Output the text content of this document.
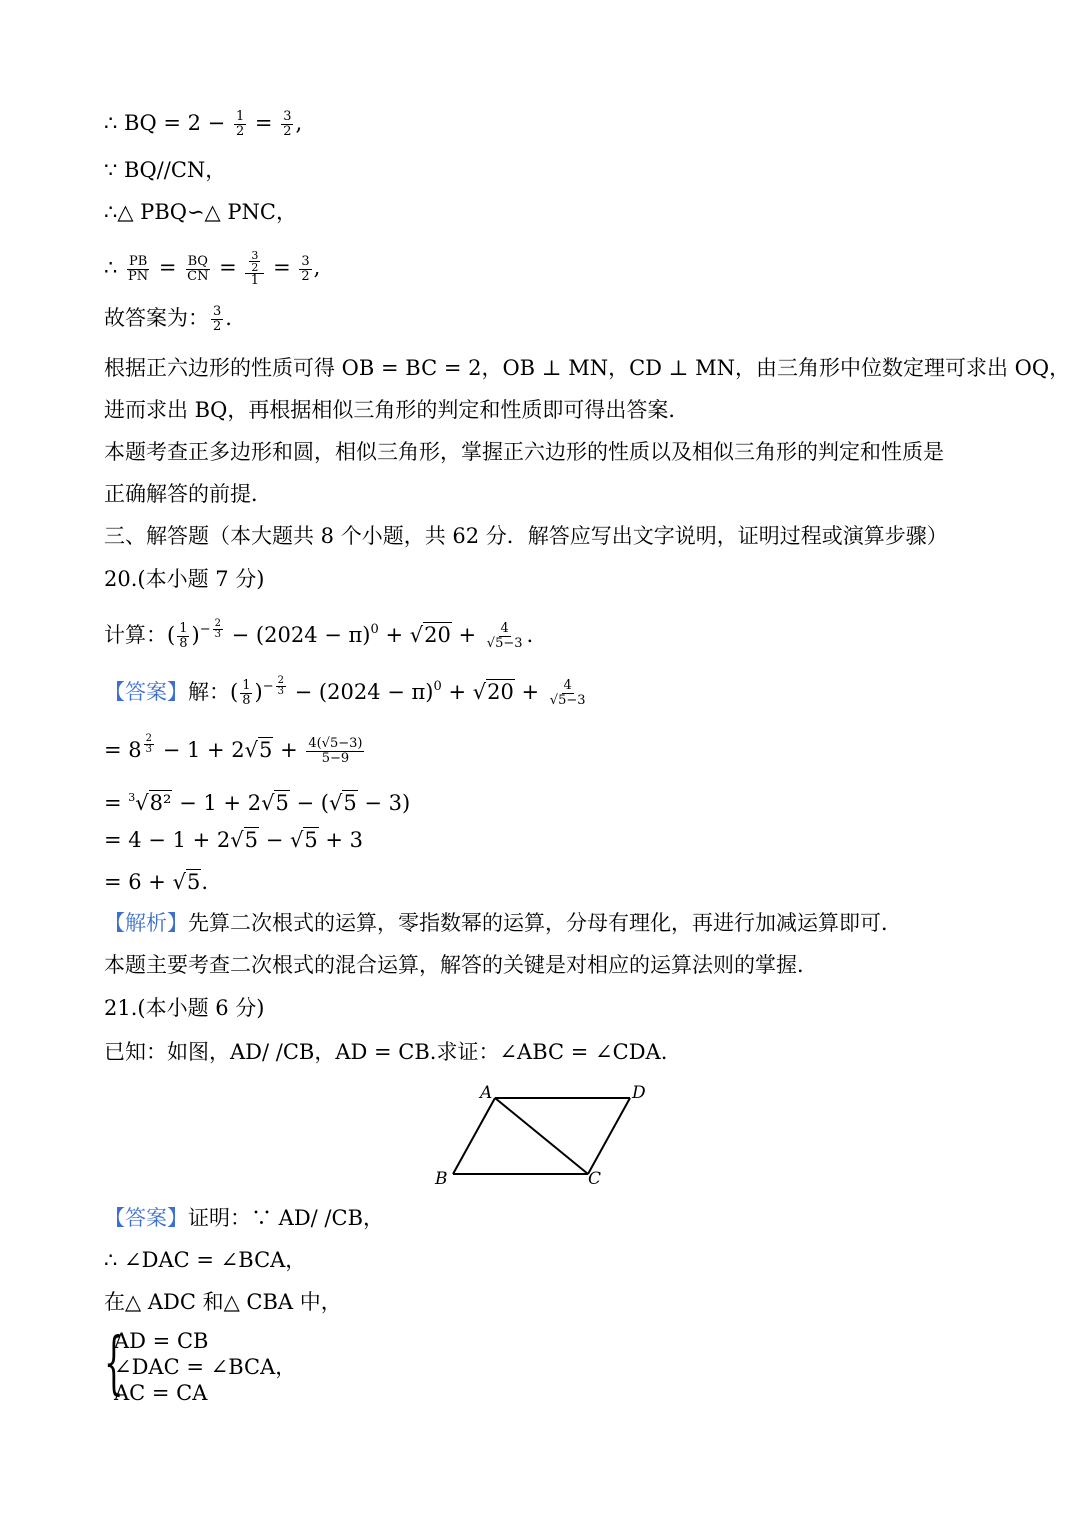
∴ BQ = $2 - \frac{1}{2} = \frac{3}{2}$ ,
∵ BQ//CN，
∴△ PBQ∽△ PNC，
∴ $\frac{PB}{PN} = \frac{BQ}{CN} = \frac{\frac{3}{2}}{1} = \frac{3}{2}$ ,
故答案为： $\frac{3}{2}$ .
根据正六边形的性质可得 OB = BC = 2，OB ⊥ MN，CD ⊥ MN，由三角形中位数定理可求出 OQ，
进而求出 BQ，再根据相似三角形的判定和性质即可得出答案．
本题考查正多边形和圆，相似三角形，掌握正六边形的性质以及相似三角形的判定和性质是
正确解答的前提．
三、解答题（本大题共 8 个小题，共 62 分．解答应写出文字说明，证明过程或演算步骤）
20.(本小题 7 分)
计算：( $\frac{1}{8} )^{- \frac{2}{3}} - (2024 - \pi)^0 + √20 + \frac{4}{√5-3}$ .
【答案】解：( $\frac{1}{8} )^{- \frac{2}{3}} - (2024 - \pi)^0 + √20 + \frac{4}{√5-3}$
= 8 $^{\frac{2}{3}} - 1 + 2√5 + \frac{4(√5-3)}{5-9}$
= $^3$√8² − 1 + 2√5 − (√5 − 3)
= 4 − 1 + 2√5 − √5 + 3
= 6 + √5.
【解析】先算二次根式的运算，零指数幂的运算，分母有理化，再进行加减运算即可．
本题主要考查二次根式的混合运算，解答的关键是对相应的运算法则的掌握．
21.(本小题 6 分)
已知：如图，AD/ /CB，AD = CB.求证：∠ABC = ∠CDA.
A	D
B	C
【答案】证明：∵ AD/ /CB，
∴ ∠DAC = ∠BCA，
在△ ADC 和△ CBA 中，
{
AD = CB
∠DAC = ∠BCA，
AC = CA
